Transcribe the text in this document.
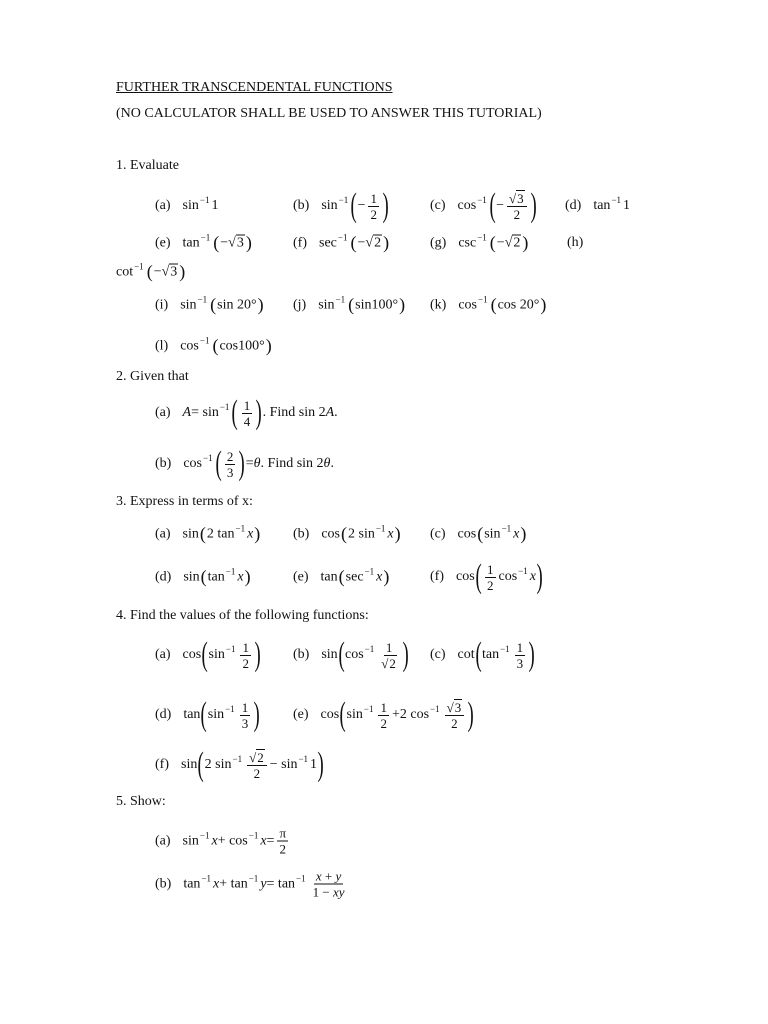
FURTHER TRANSCENDENTAL FUNCTIONS
(NO CALCULATOR SHALL BE USED TO ANSWER THIS TUTORIAL)
1. Evaluate
2. Given that
3. Express in terms of x:
4. Find the values of the following functions:
5. Show:
(a) sin −1 1	(b) sin −1 ( − $\frac{1}{2}$ )	(c) cos −1 ( − $\frac{√3}{2}$ ) (d) tan −1 1
(e) tan −1 ( − √3 )	(f) sec −1 ( − √2 )	(g) csc −1 ( − √2 )	(h)
cot −1 ( − √3 )
(i) sin −1 ( sin 20° ) (j) sin −1 ( sin100° ) (k) cos −1 ( cos 20° )
(l) cos −1 ( cos100° )
(a) A = sin −1 ( $\frac{1}{4}$ ) . Find sin 2 A .
(b) cos −1 ( $\frac{2}{3}$ ) = θ . Find sin 2 θ .
(a) sin ( 2 tan −1 x ) (b) cos ( 2 sin −1 x ) (c) cos ( sin −1 x )
(d) sin ( tan −1 x )	(e) tan ( sec −1 x )	(f) cos ( $\frac{1}{2}$ cos −1 x )
(a) cos ( $\sin -1 \frac{1}{2}$ ) (b) sin ( $\cos -1 \frac{1}{√2}$ ) (c) cot ( $\tan -1 \frac{1}{3}$ )
(d) tan ( $\sin -1 \frac{1}{3}$ ) (e) cos ( $\sin -1 \frac{1}{2} +2$ $\cos -1 \frac{√3}{2}$ )
(f) sin ( 2 $\sin -1 \frac{√2}{2} - \sin -1$ 1 )
(a) sin −1 x + cos −1 $x = \frac{\pi}{2}$
(b) tan −1 x + tan −1 $y = \tan -1 \frac{x + y}{1 - xy}$
